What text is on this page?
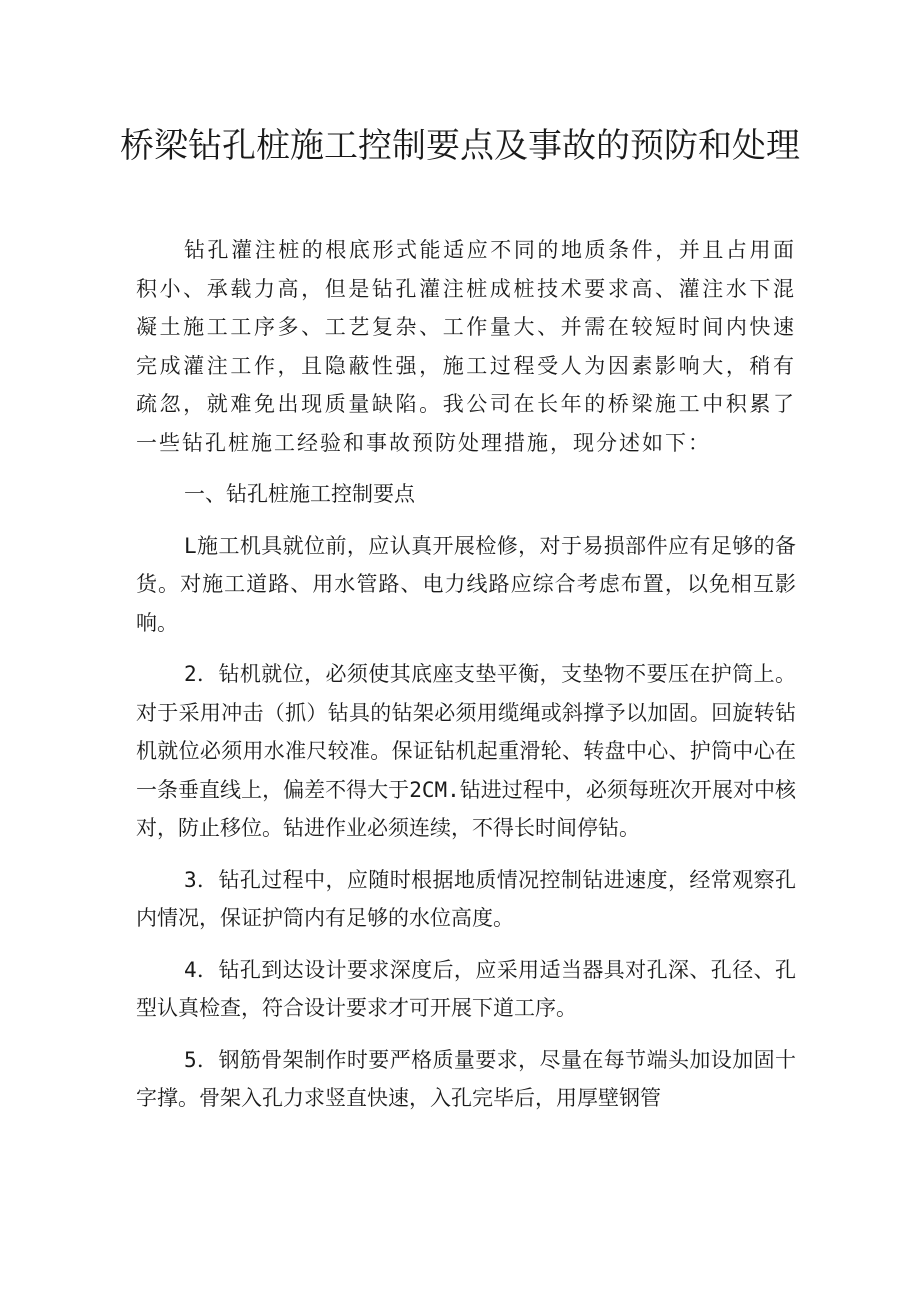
桥梁钻孔桩施工控制要点及事故的预防和处理

钻孔灌注桩的根底形式能适应不同的地质条件，并且占用面积小、承载力高，但是钻孔灌注桩成桩技术要求高、灌注水下混凝土施工工序多、工艺复杂、工作量大、并需在较短时间内快速完成灌注工作，且隐蔽性强，施工过程受人为因素影响大，稍有疏忽，就难免出现质量缺陷。我公司在长年的桥梁施工中积累了一些钻孔桩施工经验和事故预防处理措施，现分述如下：

一、钻孔桩施工控制要点

L施工机具就位前，应认真开展检修，对于易损部件应有足够的备货。对施工道路、用水管路、电力线路应综合考虑布置，以免相互影响。

2．钻机就位，必须使其底座支垫平衡，支垫物不要压在护筒上。对于采用冲击（抓）钻具的钻架必须用缆绳或斜撑予以加固。回旋转钻机就位必须用水准尺较准。保证钻机起重滑轮、转盘中心、护筒中心在一条垂直线上，偏差不得大于2CM.钻进过程中，必须每班次开展对中核对，防止移位。钻进作业必须连续，不得长时间停钻。

3．钻孔过程中，应随时根据地质情况控制钻进速度，经常观察孔内情况，保证护筒内有足够的水位高度。

4．钻孔到达设计要求深度后，应采用适当器具对孔深、孔径、孔型认真检查，符合设计要求才可开展下道工序。

5．钢筋骨架制作时要严格质量要求，尽量在每节端头加设加固十字撑。骨架入孔力求竖直快速，入孔完毕后，用厚壁钢管
